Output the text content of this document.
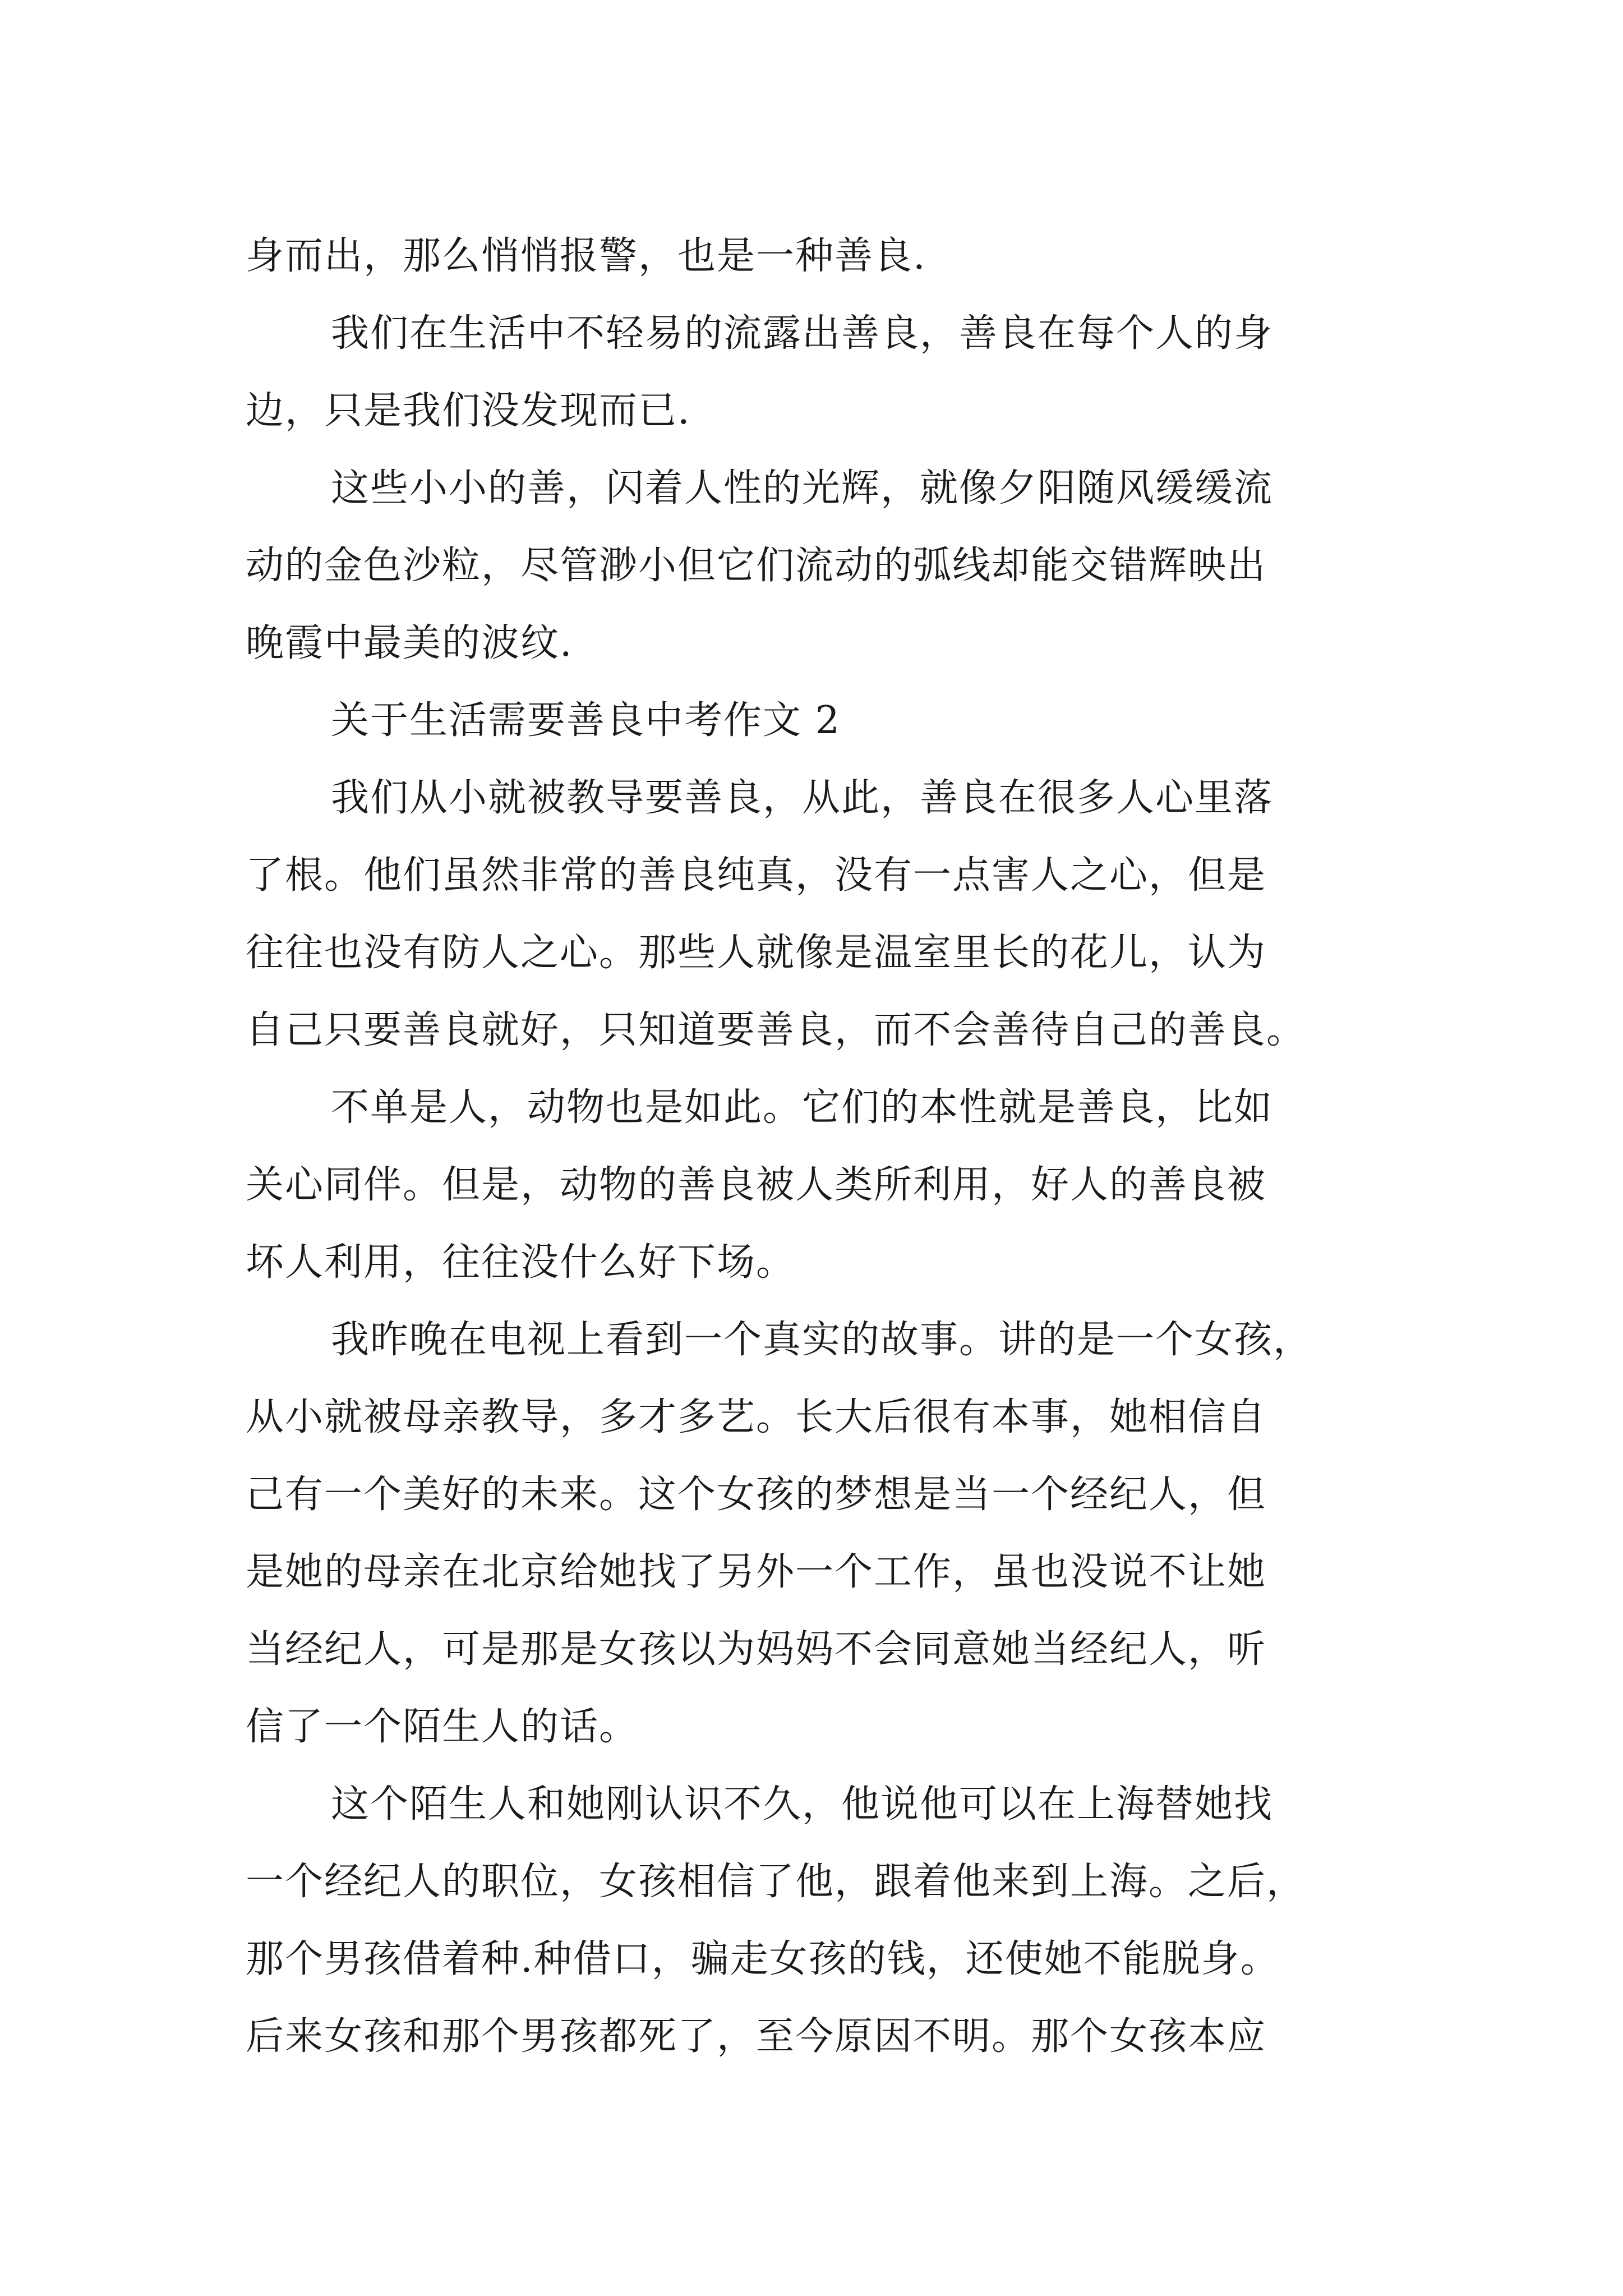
身而出，那么悄悄报警，也是一种善良.
我们在生活中不轻易的流露出善良，善良在每个人的身
边，只是我们没发现而已.
这些小小的善，闪着人性的光辉，就像夕阳随风缓缓流
动的金色沙粒，尽管渺小但它们流动的弧线却能交错辉映出
晚霞中最美的波纹.
关于生活需要善良中考作文 2
我们从小就被教导要善良，从此，善良在很多人心里落
了根。他们虽然非常的善良纯真，没有一点害人之心，但是
往往也没有防人之心。那些人就像是温室里长的花儿，认为
自己只要善良就好，只知道要善良，而不会善待自己的善良。
不单是人，动物也是如此。它们的本性就是善良，比如
关心同伴。但是，动物的善良被人类所利用，好人的善良被
坏人利用，往往没什么好下场。
我昨晚在电视上看到一个真实的故事。讲的是一个女孩，
从小就被母亲教导，多才多艺。长大后很有本事，她相信自
己有一个美好的未来。这个女孩的梦想是当一个经纪人，但
是她的母亲在北京给她找了另外一个工作，虽也没说不让她
当经纪人，可是那是女孩以为妈妈不会同意她当经纪人，听
信了一个陌生人的话。
这个陌生人和她刚认识不久，他说他可以在上海替她找
一个经纪人的职位，女孩相信了他，跟着他来到上海。之后，
那个男孩借着种.种借口，骗走女孩的钱，还使她不能脱身。
后来女孩和那个男孩都死了，至今原因不明。那个女孩本应
